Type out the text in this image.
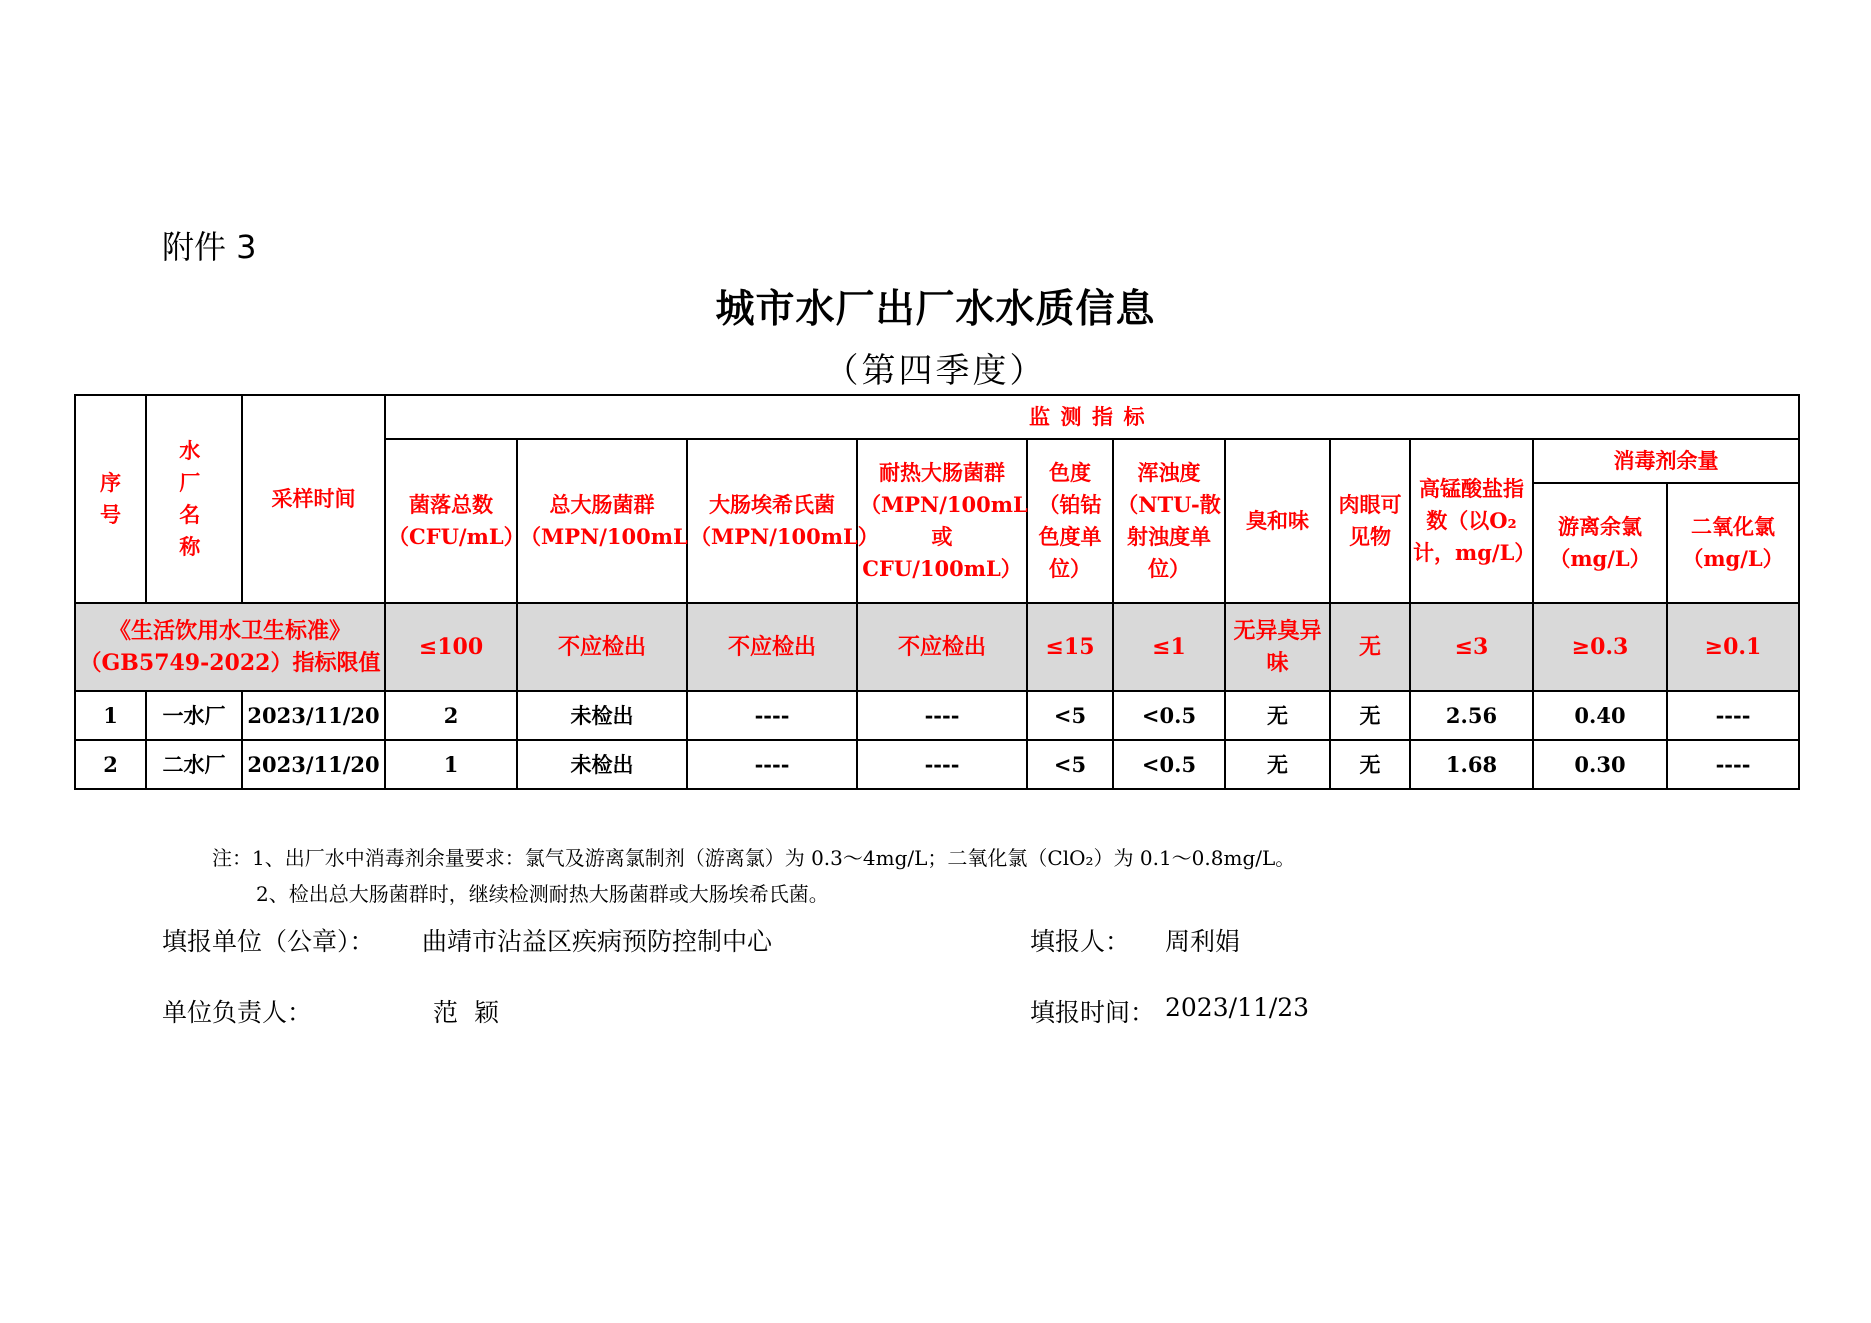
附件 3
城市水厂出厂水水质信息
（第四季度）
序号	水厂名称	采样时间	监测指标										
			菌落总数（CFU/mL）	总大肠菌群（MPN/100mL	大肠埃希氏菌（MPN/100mL）	耐热大肠菌群（MPN/100mL或CFU/100mL）	色度（铂钴色度单位）	浑浊度（NTU-散射浊度单位）	臭和味	肉眼可见物	高锰酸盐指数（以O₂计，mg/L）	消毒剂余量	
												游离余氯（mg/L）	二氧化氯（mg/L）
《生活饮用水卫生标准》（GB5749-2022）指标限值			≤100	不应检出	不应检出	不应检出	≤15	≤1	无异臭异味	无	≤3	≥0.3	≥0.1
1	一水厂	2023/11/20	2	未检出	----	----	<5	<0.5	无	无	2.56	0.40	----
2	二水厂	2023/11/20	1	未检出	----	----	<5	<0.5	无	无	1.68	0.30	----
注：1、出厂水中消毒剂余量要求：氯气及游离氯制剂（游离氯）为 0.3～4mg/L；二氧化氯（ClO₂）为 0.1～0.8mg/L。
2、检出总大肠菌群时，继续检测耐热大肠菌群或大肠埃希氏菌。
填报单位（公章）： 曲靖市沾益区疾病预防控制中心	填报人： 周利娟
单位负责人：	范 颖	填报时间： 2023/11/23
